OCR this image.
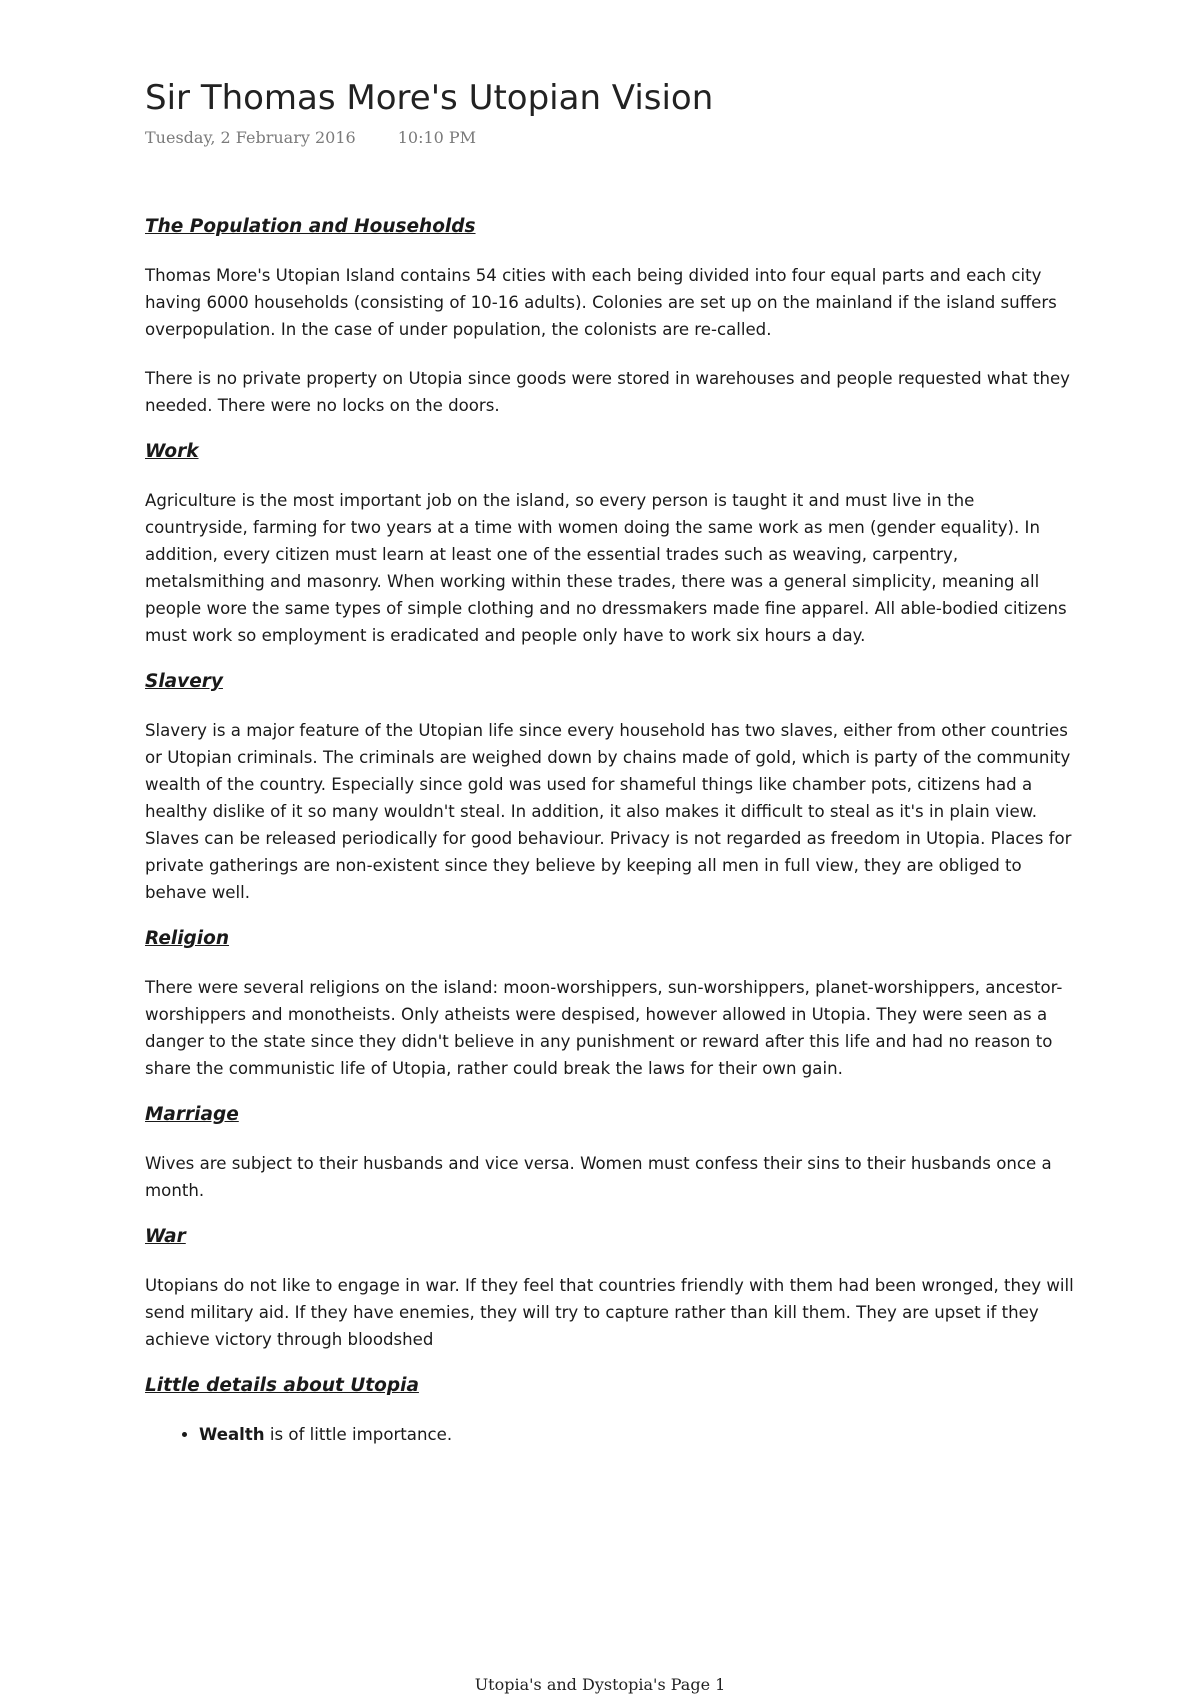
Sir Thomas More's Utopian Vision
Tuesday, 2 February 2016	10:10 PM
The Population and Households

Thomas More's Utopian Island contains 54 cities with each being divided into four equal parts and each city having 6000 households (consisting of 10-16 adults). Colonies are set up on the mainland if the island suffers overpopulation. In the case of under population, the colonists are re-called.

There is no private property on Utopia since goods were stored in warehouses and people requested what they needed. There were no locks on the doors.

Work

Agriculture is the most important job on the island, so every person is taught it and must live in the countryside, farming for two years at a time with women doing the same work as men (gender equality). In addition, every citizen must learn at least one of the essential trades such as weaving, carpentry, metalsmithing and masonry. When working within these trades, there was a general simplicity, meaning all people wore the same types of simple clothing and no dressmakers made fine apparel. All able-bodied citizens must work so employment is eradicated and people only have to work six hours a day.

Slavery

Slavery is a major feature of the Utopian life since every household has two slaves, either from other countries or Utopian criminals. The criminals are weighed down by chains made of gold, which is party of the community wealth of the country. Especially since gold was used for shameful things like chamber pots, citizens had a healthy dislike of it so many wouldn't steal. In addition, it also makes it difficult to steal as it's in plain view. Slaves can be released periodically for good behaviour. Privacy is not regarded as freedom in Utopia. Places for private gatherings are non-existent since they believe by keeping all men in full view, they are obliged to behave well.

Religion

There were several religions on the island: moon-worshippers, sun-worshippers, planet-worshippers, ancestor-worshippers and monotheists. Only atheists were despised, however allowed in Utopia. They were seen as a danger to the state since they didn't believe in any punishment or reward after this life and had no reason to share the communistic life of Utopia, rather could break the laws for their own gain.

Marriage

Wives are subject to their husbands and vice versa. Women must confess their sins to their husbands once a month.

War

Utopians do not like to engage in war. If they feel that countries friendly with them had been wronged, they will send military aid. If they have enemies, they will try to capture rather than kill them. They are upset if they achieve victory through bloodshed

Little details about Utopia
• Wealth is of little importance.
Utopia's and Dystopia's Page 1
